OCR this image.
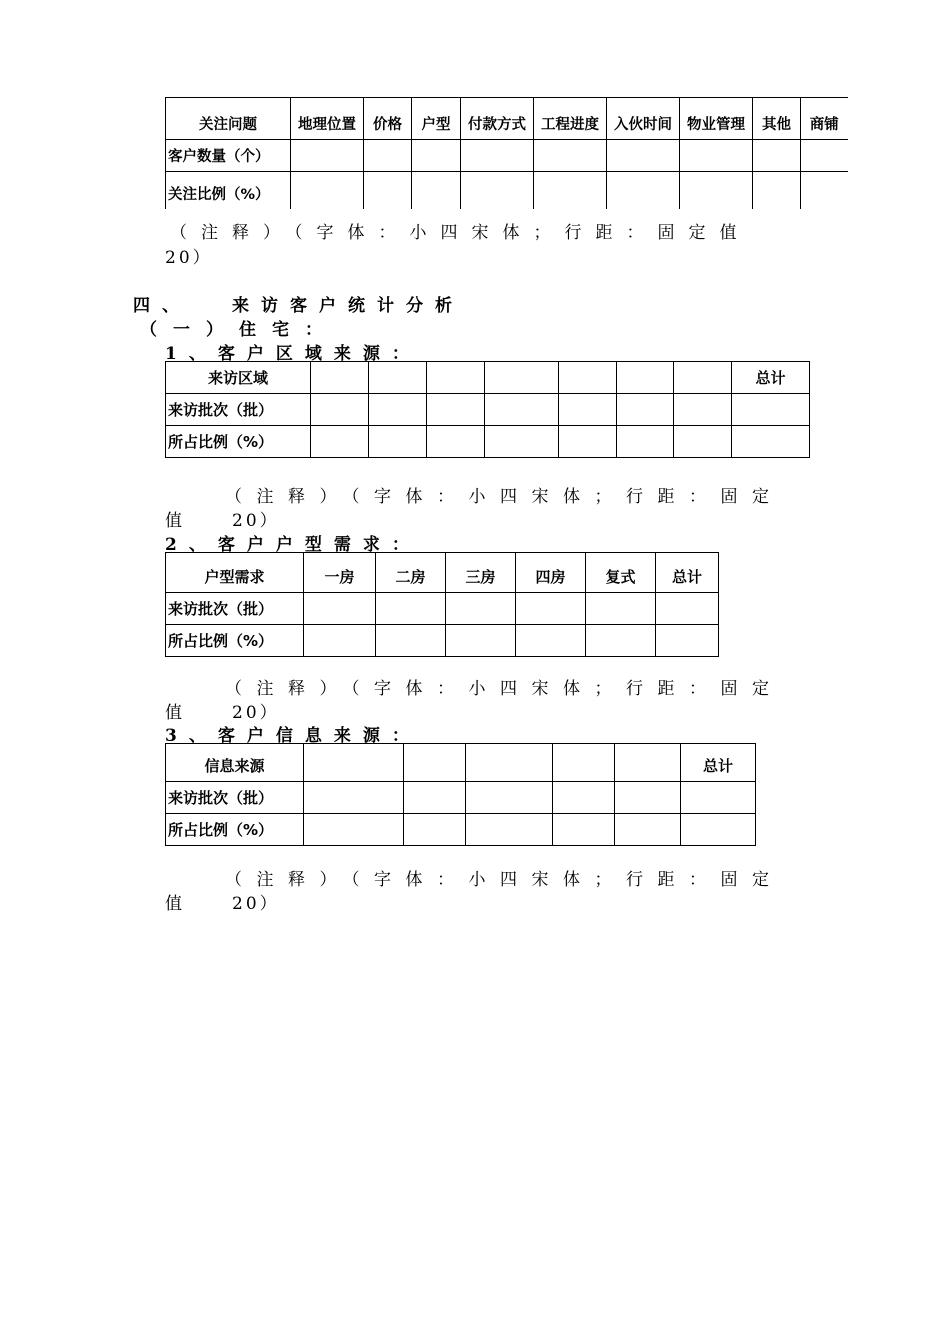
关注问题	地理位置	价格	户型	付款方式	工程进度	入伙时间	物业管理	其他	商铺
客户数量（个）									
关注比例（%）									
（注释）（字体：小四宋体；行距：固定值
20）
四、 来访客户统计分析
（一）住宅：
1、客户区域来源：
来访区域								总计
来访批次（批）								
所占比例（%）								
（注释）（字体：小四宋体；行距：固定
值	20）
2、客户户型需求：
户型需求	一房	二房	三房	四房	复式	总计
来访批次（批）						
所占比例（%）						
（注释）（字体：小四宋体；行距：固定
值	20）
3、客户信息来源：
信息来源						总计
来访批次（批）						
所占比例（%）						
（注释）（字体：小四宋体；行距：固定
值	20）
